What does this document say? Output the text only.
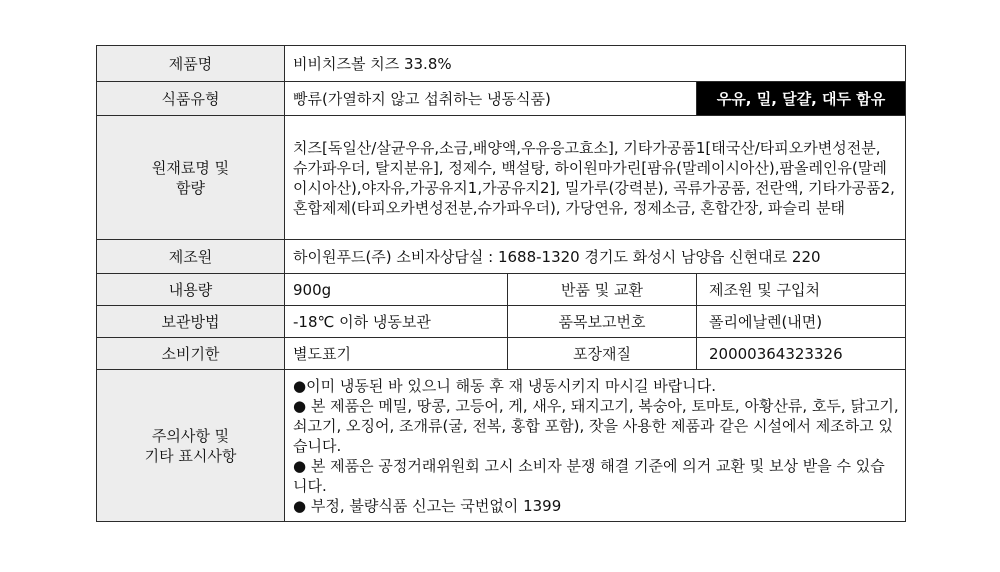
제품명	비비치즈볼 치즈 33.8%		
식품유형	빵류(가열하지 않고 섭취하는 냉동식품)		우유, 밀, 달걀, 대두 함유

원재료명 및
함량	치즈[독일산/살균우유,소금,배양액,우유응고효소], 기타가공품1[태국산/타피오카변성전분, 슈가파우더, 탈지분유], 정제수, 백설탕, 하이원마가린[팜유(말레이시아산),팜올레인유(말레이시아산),야자유,가공유지1,가공유지2], 밀가루(강력분), 곡류가공품, 전란액, 기타가공품2, 혼합제제(타피오카변성전분,슈가파우더), 가당연유, 정제소금, 혼합간장, 파슬리 분태		
제조원	하이원푸드(주) 소비자상담실 : 1688-1320 경기도 화성시 남양읍 신현대로 220		
내용량	900g	반품 및 교환	제조원 및 구입처
보관방법	-18℃ 이하 냉동보관	품목보고번호	폴리에날렌(내면)
소비기한	별도표기	포장재질	20000364323326

주의사항 및
기타 표시사항	●이미 냉동된 바 있으니 해동 후 재 냉동시키지 마시길 바랍니다.
● 본 제품은 메밀, 땅콩, 고등어, 게, 새우, 돼지고기, 복숭아, 토마토, 아황산류, 호두, 닭고기, 쇠고기, 오징어, 조개류(굴, 전복, 홍합 포함), 잣을 사용한 제품과 같은 시설에서 제조하고 있습니다.
● 본 제품은 공정거래위원회 고시 소비자 분쟁 해결 기준에 의거 교환 및 보상 받을 수 있습니다.
● 부정, 불량식품 신고는 국번없이 1399		
